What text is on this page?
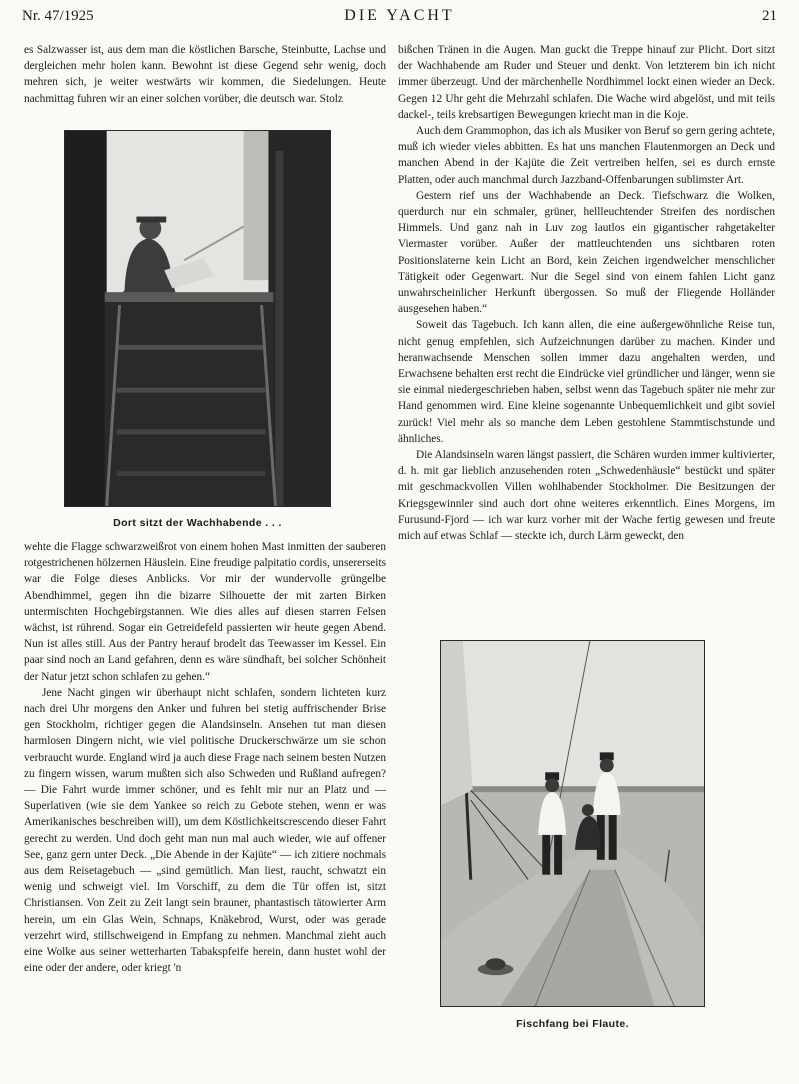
Nr. 47/1925	DIE YACHT	21

es Salzwasser ist, aus dem man die köstlichen Barsche, Steinbutte, Lachse und dergleichen mehr holen kann. Bewohnt ist diese Gegend sehr wenig, doch mehren sich, je weiter westwärts wir kommen, die Siedelungen. Heute nachmittag fuhren wir an einer solchen vorüber, die deutsch war. Stolz

Dort sitzt der Wachhabende . . .

wehte die Flagge schwarzweißrot von einem hohen Mast inmitten der sauberen rotgestrichenen hölzernen Häuslein. Eine freudige palpitatio cordis, unsererseits war die Folge dieses Anblicks. Vor mir der wundervolle grüngelbe Abendhimmel, gegen ihn die bizarre Silhouette der mit zarten Birken untermischten Hochgebirgstannen. Wie dies alles auf diesen starren Felsen wächst, ist rührend. Sogar ein Getreidefeld passierten wir heute gegen Abend. Nun ist alles still. Aus der Pantry herauf brodelt das Teewasser im Kessel. Ein paar sind noch an Land gefahren, denn es wäre sündhaft, bei solcher Schönheit der Natur jetzt schon schlafen zu gehen.“

Jene Nacht gingen wir überhaupt nicht schlafen, sondern lichteten kurz nach drei Uhr morgens den Anker und fuhren bei stetig auffrischender Brise gen Stockholm, richtiger gegen die Alandsinseln. Ansehen tut man diesen harmlosen Dingern nicht, wie viel politische Druckerschwärze um sie schon verbraucht wurde. England wird ja auch diese Frage nach seinem besten Nutzen zu fingern wissen, warum mußten sich also Schweden und Rußland aufregen? — Die Fahrt wurde immer schöner, und es fehlt mir nur an Platz und — Superlativen (wie sie dem Yankee so reich zu Gebote stehen, wenn er was Amerikanisches beschreiben will), um dem Köstlichkeitscrescendo dieser Fahrt gerecht zu werden. Und doch geht man nun mal auch wieder, wie auf offener See, ganz gern unter Deck. „Die Abende in der Kajüte“ — ich zitiere nochmals aus dem Reisetagebuch — „sind gemütlich. Man liest, raucht, schwatzt ein wenig und schweigt viel. Im Vorschiff, zu dem die Tür offen ist, sitzt Christiansen. Von Zeit zu Zeit langt sein brauner, phantastisch tätowierter Arm herein, um ein Glas Wein, Schnaps, Knäkebrod, Wurst, oder was gerade verzehrt wird, stillschweigend in Empfang zu nehmen. Manchmal zieht auch eine Wolke aus seiner wetterharten Tabakspfeife herein, dann hustet wohl der eine oder der andere, oder kriegt 'n

bißchen Tränen in die Augen. Man guckt die Treppe hinauf zur Plicht. Dort sitzt der Wachhabende am Ruder und Steuer und denkt. Von letzterem bin ich nicht immer überzeugt. Und der märchenhelle Nordhimmel lockt einen wieder an Deck. Gegen 12 Uhr geht die Mehrzahl schlafen. Die Wache wird abgelöst, und mit teils dackel-, teils krebsartigen Bewegungen kriecht man in die Koje.

Auch dem Grammophon, das ich als Musiker von Beruf so gern gering achtete, muß ich wieder vieles abbitten. Es hat uns manchen Flautenmorgen an Deck und manchen Abend in der Kajüte die Zeit vertreiben helfen, sei es durch ernste Platten, oder auch manchmal durch Jazzband-Offenbarungen sublimster Art.

Gestern rief uns der Wachhabende an Deck. Tiefschwarz die Wolken, querdurch nur ein schmaler, grüner, hellleuchtender Streifen des nordischen Himmels. Und ganz nah in Luv zog lautlos ein gigantischer rahgetakelter Viermaster vorüber. Außer der mattleuchtenden uns sichtbaren roten Positionslaterne kein Licht an Bord, kein Zeichen irgendwelcher menschlicher Tätigkeit oder Gegenwart. Nur die Segel sind von einem fahlen Licht ganz unwahrscheinlicher Herkunft übergossen. So muß der Fliegende Holländer ausgesehen haben.“

Soweit das Tagebuch. Ich kann allen, die eine außergewöhnliche Reise tun, nicht genug empfehlen, sich Aufzeichnungen darüber zu machen. Kinder und heranwachsende Menschen sollen immer dazu angehalten werden, und Erwachsene behalten erst recht die Eindrücke viel gründlicher und länger, wenn sie sie einmal niedergeschrieben haben, selbst wenn das Tagebuch später nie mehr zur Hand genommen wird. Eine kleine sogenannte Unbequemlichkeit und gibt soviel zurück! Viel mehr als so manche dem Leben gestohlene Stammtischstunde und ähnliches.

Die Alandsinseln waren längst passiert, die Schären wurden immer kultivierter, d. h. mit gar lieblich anzusehenden roten „Schwedenhäusle“ bestückt und später mit geschmackvollen Villen wohlhabender Stockholmer. Die Besitzungen der Kriegsgewinnler sind auch dort ohne weiteres erkenntlich. Eines Morgens, im Furusund-Fjord — ich war kurz vorher mit der Wache fertig gewesen und freute mich auf etwas Schlaf — steckte ich, durch Lärm geweckt, den

Fischfang bei Flaute.
